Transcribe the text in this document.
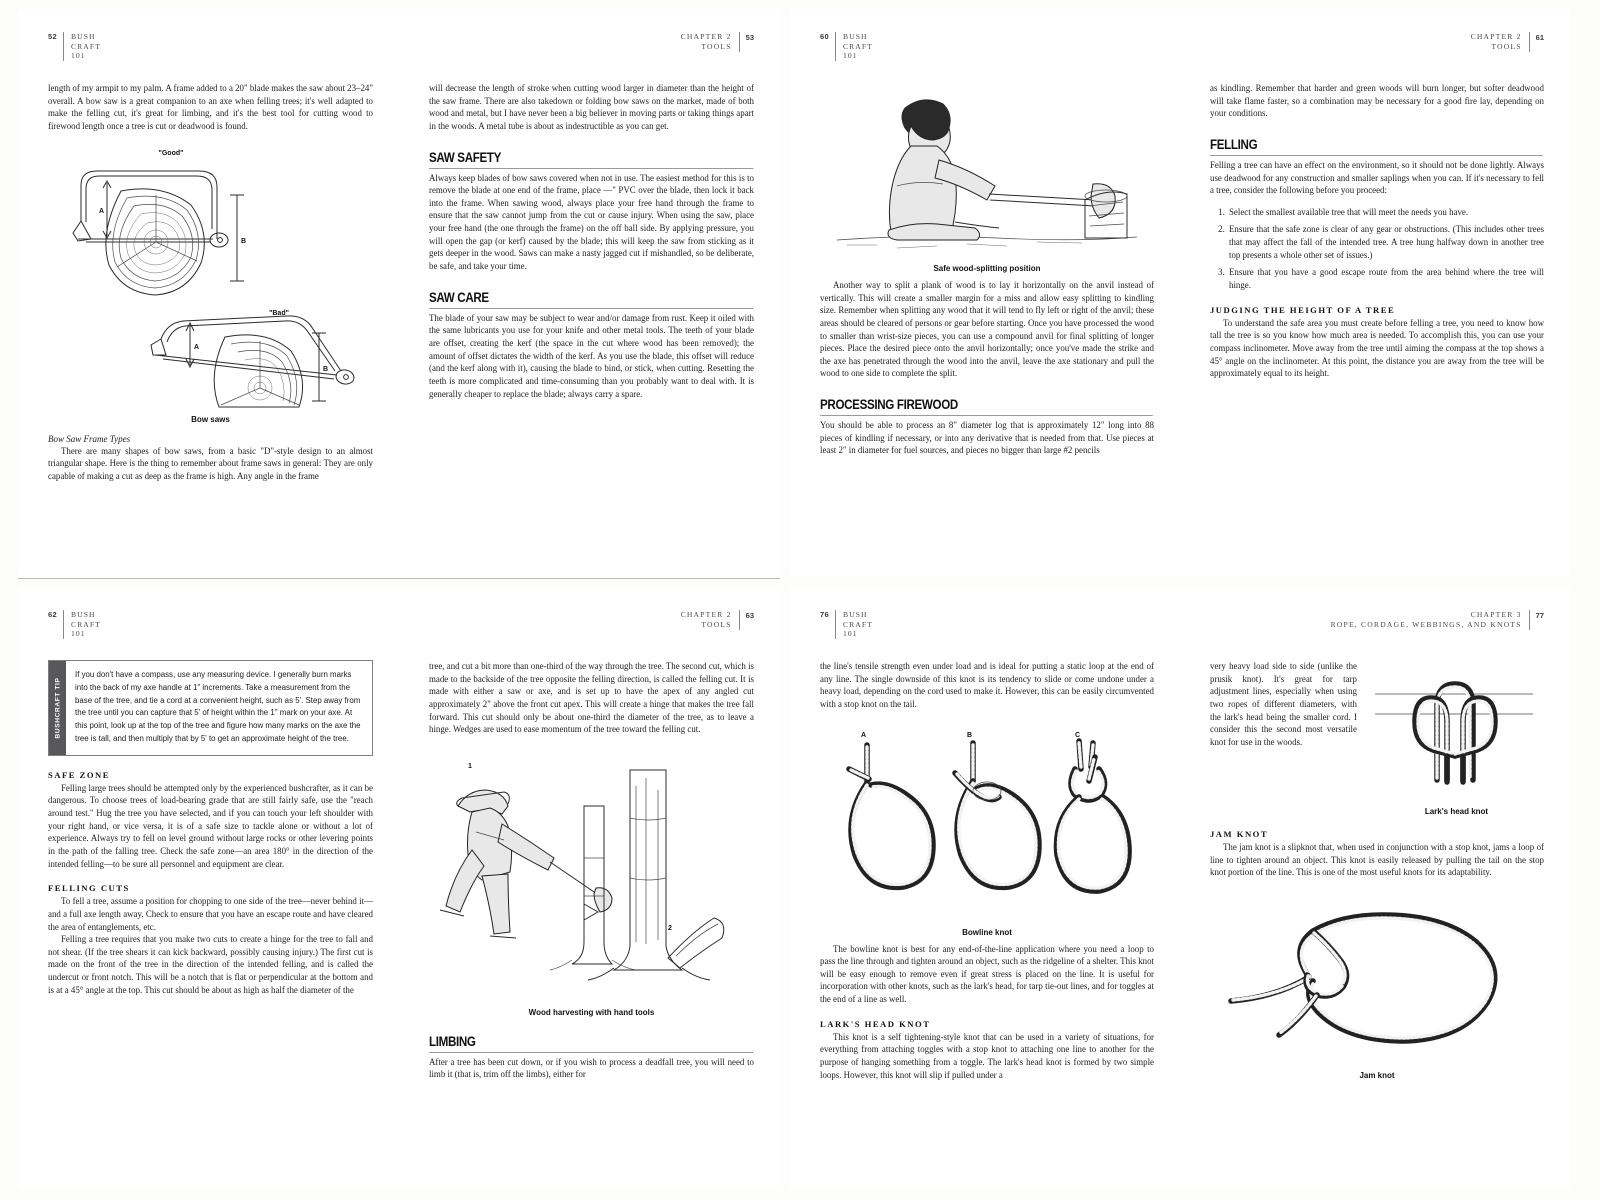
52	BUSH
CRAFT
101

length of my armpit to my palm. A frame added to a 20" blade makes the saw about 23–24" overall. A bow saw is a great companion to an axe when felling trees; it's well adapted to make the felling cut, it's great for limbing, and it's the best tool for cutting wood to firewood length once a tree is cut or deadwood is found.

"Good"
A
B
"Bad"
A
B
Bow saws
Bow Saw Frame Types

There are many shapes of bow saws, from a basic "D"-style design to an almost triangular shape. Here is the thing to remember about frame saws in general: They are only capable of making a cut as deep as the frame is high. Any angle in the frame

CHAPTER 2
TOOLS
53

will decrease the length of stroke when cutting wood larger in diameter than the height of the saw frame. There are also takedown or folding bow saws on the market, made of both wood and metal, but I have never been a big believer in moving parts or taking things apart in the woods. A metal tube is about as indestructible as you can get.

SAW SAFETY

Always keep blades of bow saws covered when not in use. The easiest method for this is to remove the blade at one end of the frame, place —" PVC over the blade, then lock it back into the frame. When sawing wood, always place your free hand through the frame to ensure that the saw cannot jump from the cut or cause injury. When using the saw, place your free hand (the one through the frame) on the off ball side. By applying pressure, you will open the gap (or kerf) caused by the blade; this will keep the saw from sticking as it gets deeper in the wood. Saws can make a nasty jagged cut if mishandled, so be deliberate, be safe, and take your time.

SAW CARE

The blade of your saw may be subject to wear and/or damage from rust. Keep it oiled with the same lubricants you use for your knife and other metal tools. The teeth of your blade are offset, creating the kerf (the space in the cut where wood has been removed); the amount of offset dictates the width of the kerf. As you use the blade, this offset will reduce (and the kerf along with it), causing the blade to bind, or stick, when cutting. Resetting the teeth is more complicated and time-consuming than you probably want to deal with. It is generally cheaper to replace the blade; always carry a spare.

60	BUSH
CRAFT
101
Safe wood-splitting position

Another way to split a plank of wood is to lay it horizontally on the anvil instead of vertically. This will create a smaller margin for a miss and allow easy splitting to kindling size. Remember when splitting any wood that it will tend to fly left or right of the anvil; these areas should be cleared of persons or gear before starting. Once you have processed the wood to smaller than wrist-size pieces, you can use a compound anvil for final splitting of longer pieces. Place the desired piece onto the anvil horizontally; once you've made the strike and the axe has penetrated through the wood into the anvil, leave the axe stationary and pull the wood to one side to complete the split.

PROCESSING FIREWOOD

You should be able to process an 8" diameter log that is approximately 12" long into 88 pieces of kindling if necessary, or into any derivative that is needed from that. Use pieces at least 2" in diameter for fuel sources, and pieces no bigger than large #2 pencils

CHAPTER 2
TOOLS
61

as kindling. Remember that harder and green woods will burn longer, but softer deadwood will take flame faster, so a combination may be necessary for a good fire lay, depending on your conditions.

FELLING

Felling a tree can have an effect on the environment, so it should not be done lightly. Always use deadwood for any construction and smaller saplings when you can. If it's necessary to fell a tree, consider the following before you proceed:

1. Select the smallest available tree that will meet the needs you have.
2. Ensure that the safe zone is clear of any gear or obstructions. (This includes other trees that may affect the fall of the intended tree. A tree hung halfway down in another tree top presents a whole other set of issues.)
3. Ensure that you have a good escape route from the area behind where the tree will hinge.
JUDGING THE HEIGHT OF A TREE

To understand the safe area you must create before felling a tree, you need to know how tall the tree is so you know how much area is needed. To accomplish this, you can use your compass inclinometer. Move away from the tree until aiming the compass at the top shows a 45° angle on the inclinometer. At this point, the distance you are away from the tree will be approximately equal to its height.

62	BUSH
CRAFT
101
BUSHCRAFT TIP
If you don't have a compass, use any measuring device. I generally burn marks into the back of my axe handle at 1" increments. Take a measurement from the base of the tree, and tie a cord at a convenient height, such as 5'. Step away from the tree until you can capture that 5' of height within the 1" mark on your axe. At this point, look up at the top of the tree and figure how many marks on the axe the tree is tall, and then multiply that by 5' to get an approximate height of the tree.
SAFE ZONE

Felling large trees should be attempted only by the experienced bushcrafter, as it can be dangerous. To choose trees of load-bearing grade that are still fairly safe, use the "reach around test." Hug the tree you have selected, and if you can touch your left shoulder with your right hand, or vice versa, it is of a safe size to tackle alone or without a lot of experience. Always try to fell on level ground without large rocks or other levering points in the path of the falling tree. Check the safe zone—an area 180° in the direction of the intended felling—to be sure all personnel and equipment are clear.

FELLING CUTS

To fell a tree, assume a position for chopping to one side of the tree—never behind it—and a full axe length away. Check to ensure that you have an escape route and have cleared the area of entanglements, etc.

Felling a tree requires that you make two cuts to create a hinge for the tree to fall and not shear. (If the tree shears it can kick backward, possibly causing injury.) The first cut is made on the front of the tree in the direction of the intended felling, and is called the undercut or front notch. This will be a notch that is flat or perpendicular at the bottom and is at a 45° angle at the top. This cut should be about as high as half the diameter of the

CHAPTER 2
TOOLS
63

tree, and cut a bit more than one-third of the way through the tree. The second cut, which is made to the backside of the tree opposite the felling direction, is called the felling cut. It is made with either a saw or axe, and is set up to have the apex of any angled cut approximately 2" above the front cut apex. This will create a hinge that makes the tree fall forward. This cut should only be about one-third the diameter of the tree, as to leave a hinge. Wedges are used to ease momentum of the tree toward the felling cut.

1
2
Wood harvesting with hand tools
LIMBING

After a tree has been cut down, or if you wish to process a deadfall tree, you will need to limb it (that is, trim off the limbs), either for

76	BUSH
CRAFT
101

the line's tensile strength even under load and is ideal for putting a static loop at the end of any line. The single downside of this knot is its tendency to slide or come undone under a heavy load, depending on the cord used to make it. However, this can be easily circumvented with a stop knot on the tail.

A	B	C
Bowline knot

The bowline knot is best for any end-of-the-line application where you need a loop to pass the line through and tighten around an object, such as the ridgeline of a shelter. This knot will be easy enough to remove even if great stress is placed on the line. It is useful for incorporation with other knots, such as the lark's head, for tarp tie-out lines, and for toggles at the end of a line as well.

LARK'S HEAD KNOT

This knot is a self tightening-style knot that can be used in a variety of situations, for everything from attaching toggles with a stop knot to attaching one line to another for the purpose of hanging something from a toggle. The lark's head knot is formed by two simple loops. However, this knot will slip if pulled under a

CHAPTER 3
ROPE, CORDAGE, WEBBINGS, AND KNOTS
77

very heavy load side to side (unlike the prusik knot). It's great for tarp adjustment lines, especially when using two ropes of different diameters, with the lark's head being the smaller cord. I consider this the second most versatile knot for use in the woods.

Lark's head knot
JAM KNOT

The jam knot is a slipknot that, when used in conjunction with a stop knot, jams a loop of line to tighten around an object. This knot is easily released by pulling the tail on the stop knot portion of the line. This is one of the most useful knots for its adaptability.

Jam knot
